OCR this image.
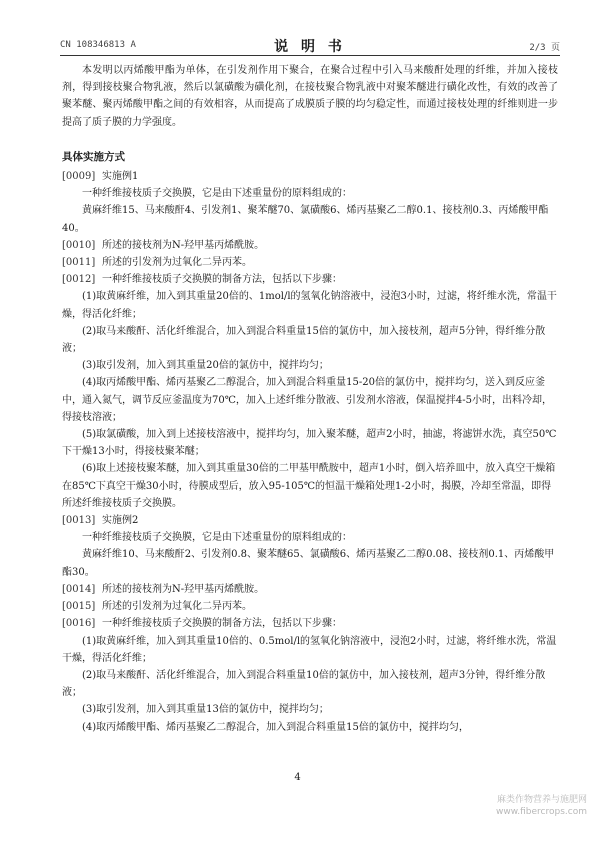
CN 108346813 A	说 明 书	2/3 页

本发明以丙烯酸甲酯为单体，在引发剂作用下聚合，在聚合过程中引入马来酸酐处理的纤维，并加入接枝剂，得到接枝聚合物乳液，然后以氯磺酸为磺化剂，在接枝聚合物乳液中对聚苯醚进行磺化改性，有效的改善了聚苯醚、聚丙烯酸甲酯之间的有效相容，从而提高了成膜质子膜的均匀稳定性，而通过接枝处理的纤维则进一步提高了质子膜的力学强度。

具体实施方式

[0009] 实施例1
一种纤维接枝质子交换膜，它是由下述重量份的原料组成的：
黄麻纤维15、马来酸酐4、引发剂1、聚苯醚70、氯磺酸6、烯丙基聚乙二醇0.1、接枝剂0.3、丙烯酸甲酯40。
[0010] 所述的接枝剂为N-羟甲基丙烯酰胺。
[0011] 所述的引发剂为过氧化二异丙苯。
[0012] 一种纤维接枝质子交换膜的制备方法，包括以下步骤：
(1)取黄麻纤维，加入到其重量20倍的、1mol/l的氢氧化钠溶液中，浸泡3小时，过滤，将纤维水洗，常温干燥，得活化纤维；
(2)取马来酸酐、活化纤维混合，加入到混合料重量15倍的氯仿中，加入接枝剂，超声5分钟，得纤维分散液；
(3)取引发剂，加入到其重量20倍的氯仿中，搅拌均匀；
(4)取丙烯酸甲酯、烯丙基聚乙二醇混合，加入到混合料重量15-20倍的氯仿中，搅拌均匀，送入到反应釜中，通入氮气，调节反应釜温度为70℃，加入上述纤维分散液、引发剂水溶液，保温搅拌4-5小时，出料冷却，得接枝溶液；
(5)取氯磺酸，加入到上述接枝溶液中，搅拌均匀，加入聚苯醚，超声2小时，抽滤，将滤饼水洗，真空50℃下干燥13小时，得接枝聚苯醚；
(6)取上述接枝聚苯醚，加入到其重量30倍的二甲基甲酰胺中，超声1小时，倒入培养皿中，放入真空干燥箱在85℃下真空干燥30小时，待膜成型后，放入95-105℃的恒温干燥箱处理1-2小时，揭膜，冷却至常温，即得所述纤维接枝质子交换膜。
[0013] 实施例2
一种纤维接枝质子交换膜，它是由下述重量份的原料组成的：
黄麻纤维10、马来酸酐2、引发剂0.8、聚苯醚65、氯磺酸6、烯丙基聚乙二醇0.08、接枝剂0.1、丙烯酸甲酯30。
[0014] 所述的接枝剂为N-羟甲基丙烯酰胺。
[0015] 所述的引发剂为过氧化二异丙苯。
[0016] 一种纤维接枝质子交换膜的制备方法，包括以下步骤：
(1)取黄麻纤维，加入到其重量10倍的、0.5mol/l的氢氧化钠溶液中，浸泡2小时，过滤，将纤维水洗，常温干燥，得活化纤维；
(2)取马来酸酐、活化纤维混合，加入到混合料重量10倍的氯仿中，加入接枝剂，超声3分钟，得纤维分散液；
(3)取引发剂，加入到其重量13倍的氯仿中，搅拌均匀；
(4)取丙烯酸甲酯、烯丙基聚乙二醇混合，加入到混合料重量15倍的氯仿中，搅拌均匀，
4
麻类作物营养与施肥网
www.fibercrops.com
